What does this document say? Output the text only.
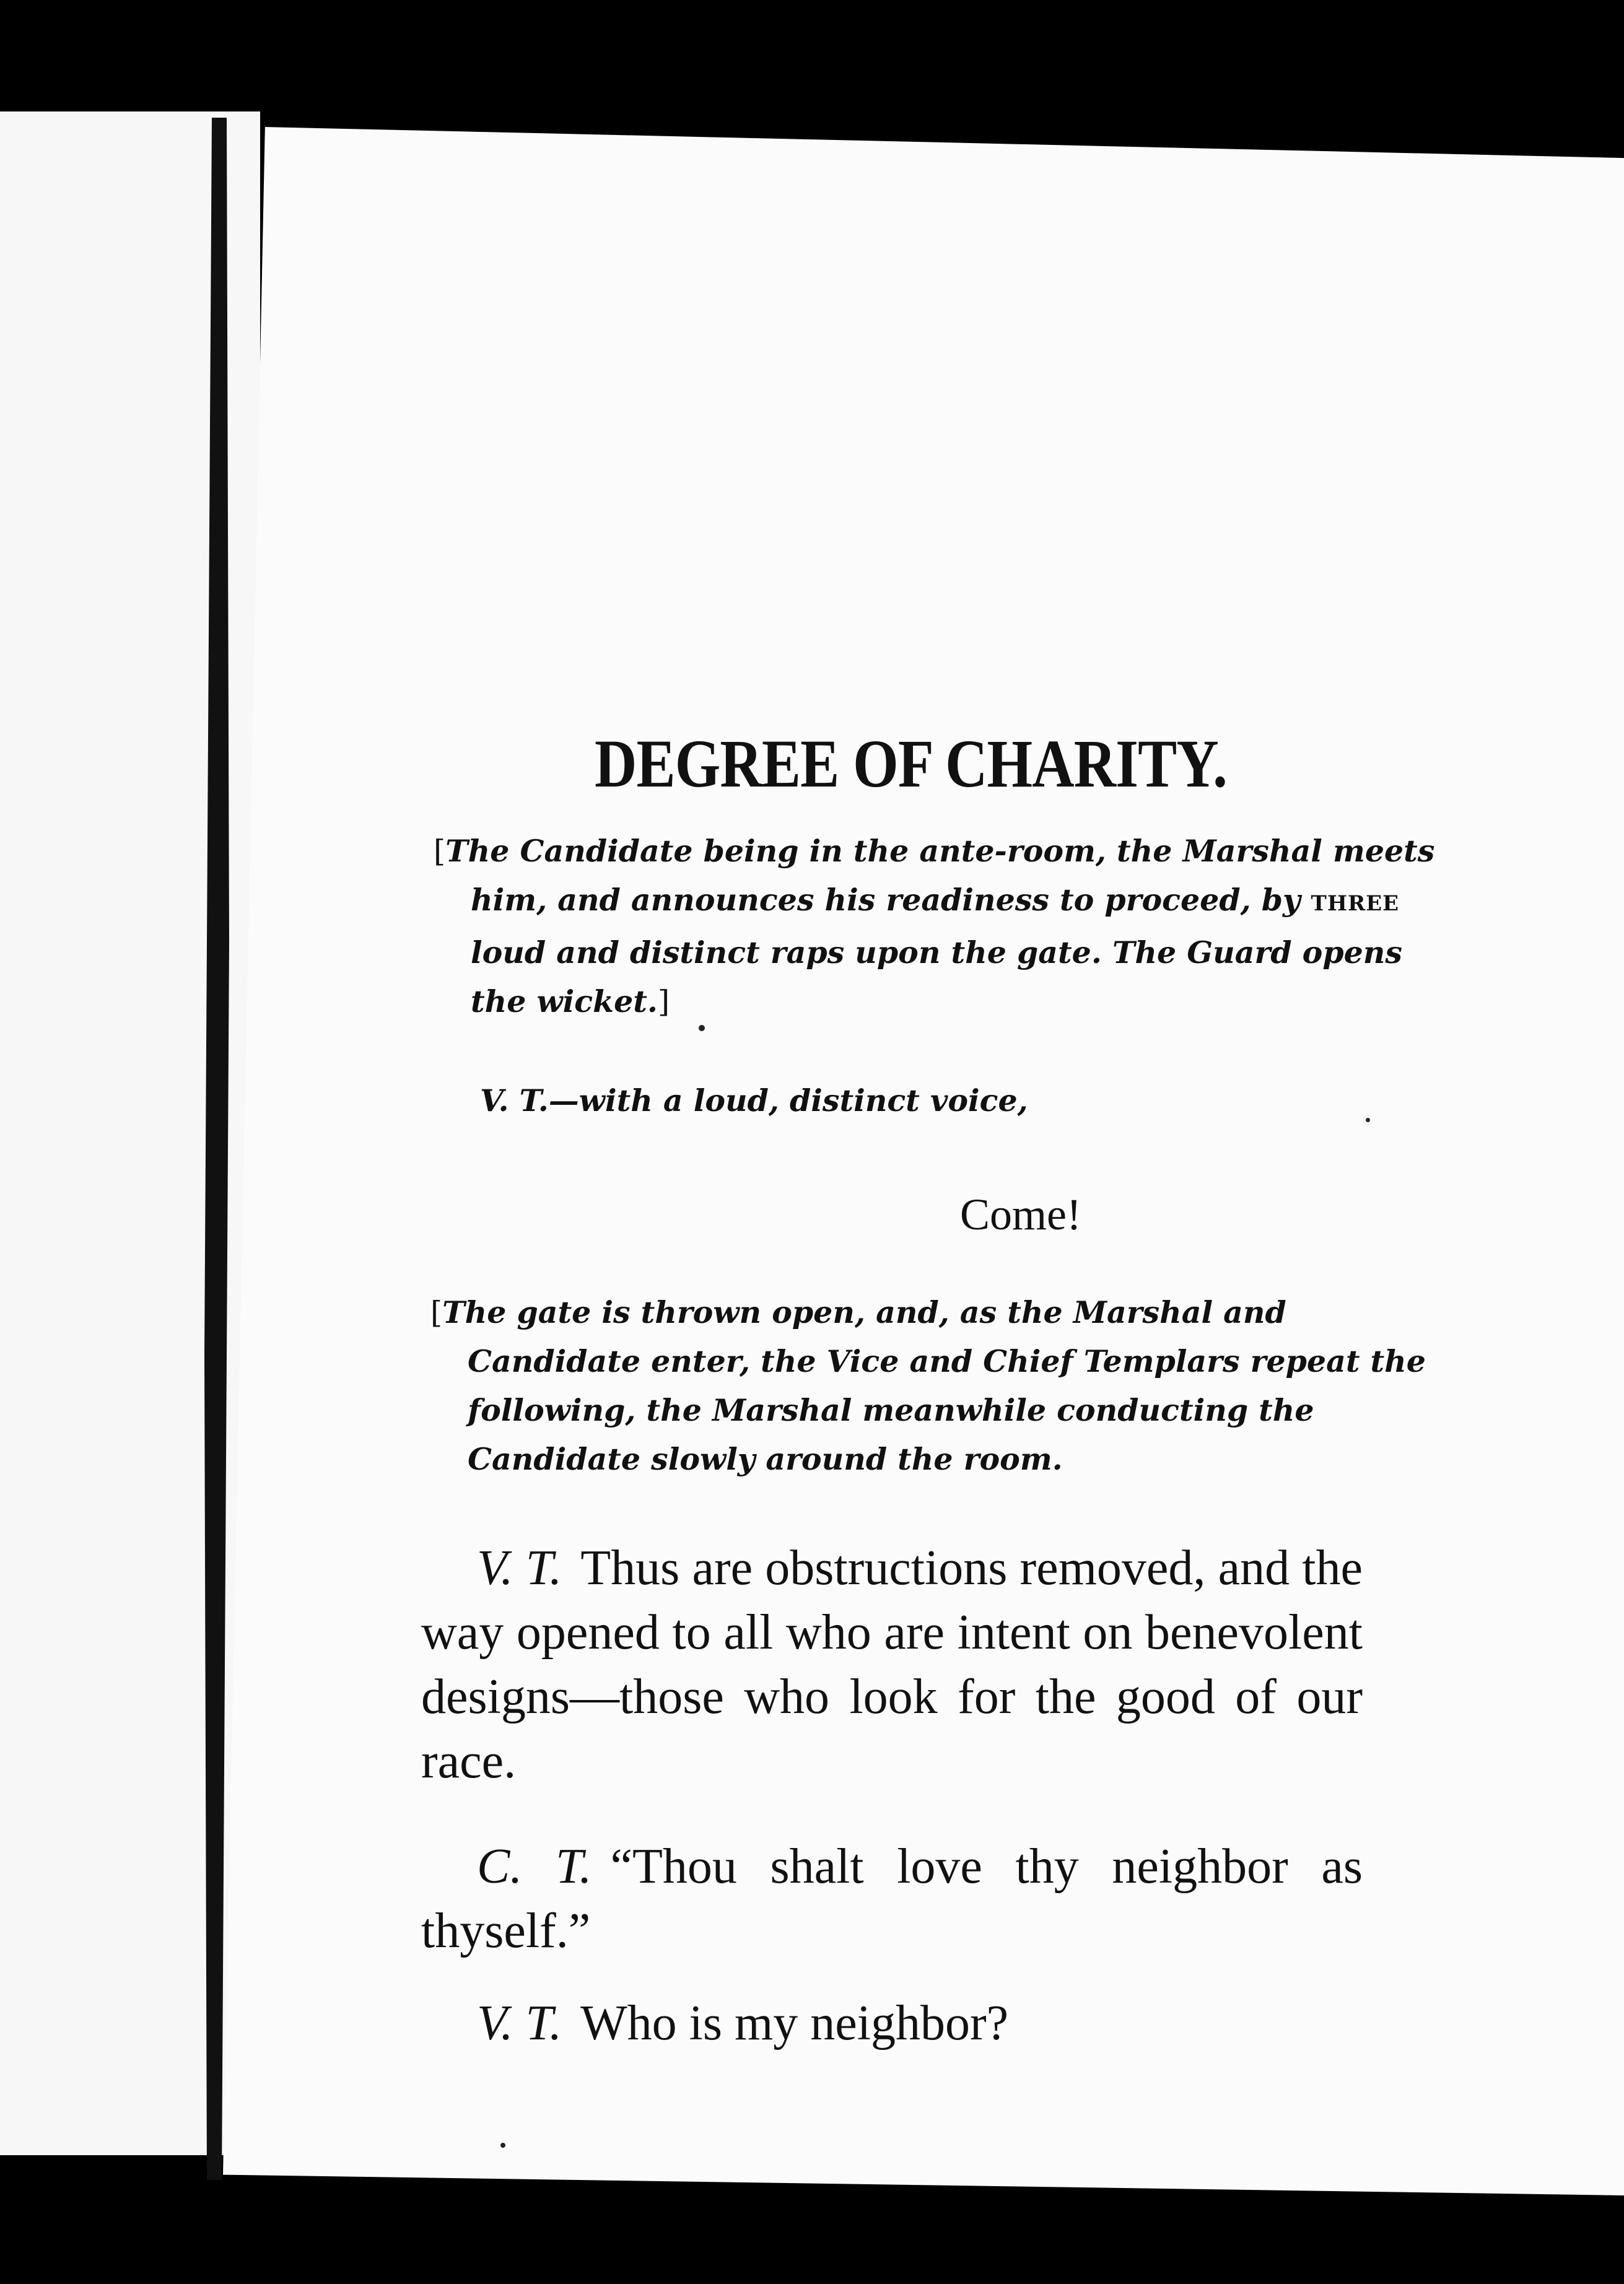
DEGREE OF CHARITY.
[The Candidate being in the ante-room, the Marshal meets him, and announces his readiness to proceed, by THREE loud and distinct raps upon the gate. The Guard opens the wicket.]
V. T.—with a loud, distinct voice,
Come!
[The gate is thrown open, and, as the Marshal and Candidate enter, the Vice and Chief Templars repeat the following, the Marshal meanwhile conducting the Candidate slowly around the room.
V. T. Thus are obstructions removed, and the way opened to all who are intent on benevolent designs—those who look for the good of our race.
C. T. “Thou shalt love thy neighbor as thyself.”
V. T. Who is my neighbor?
